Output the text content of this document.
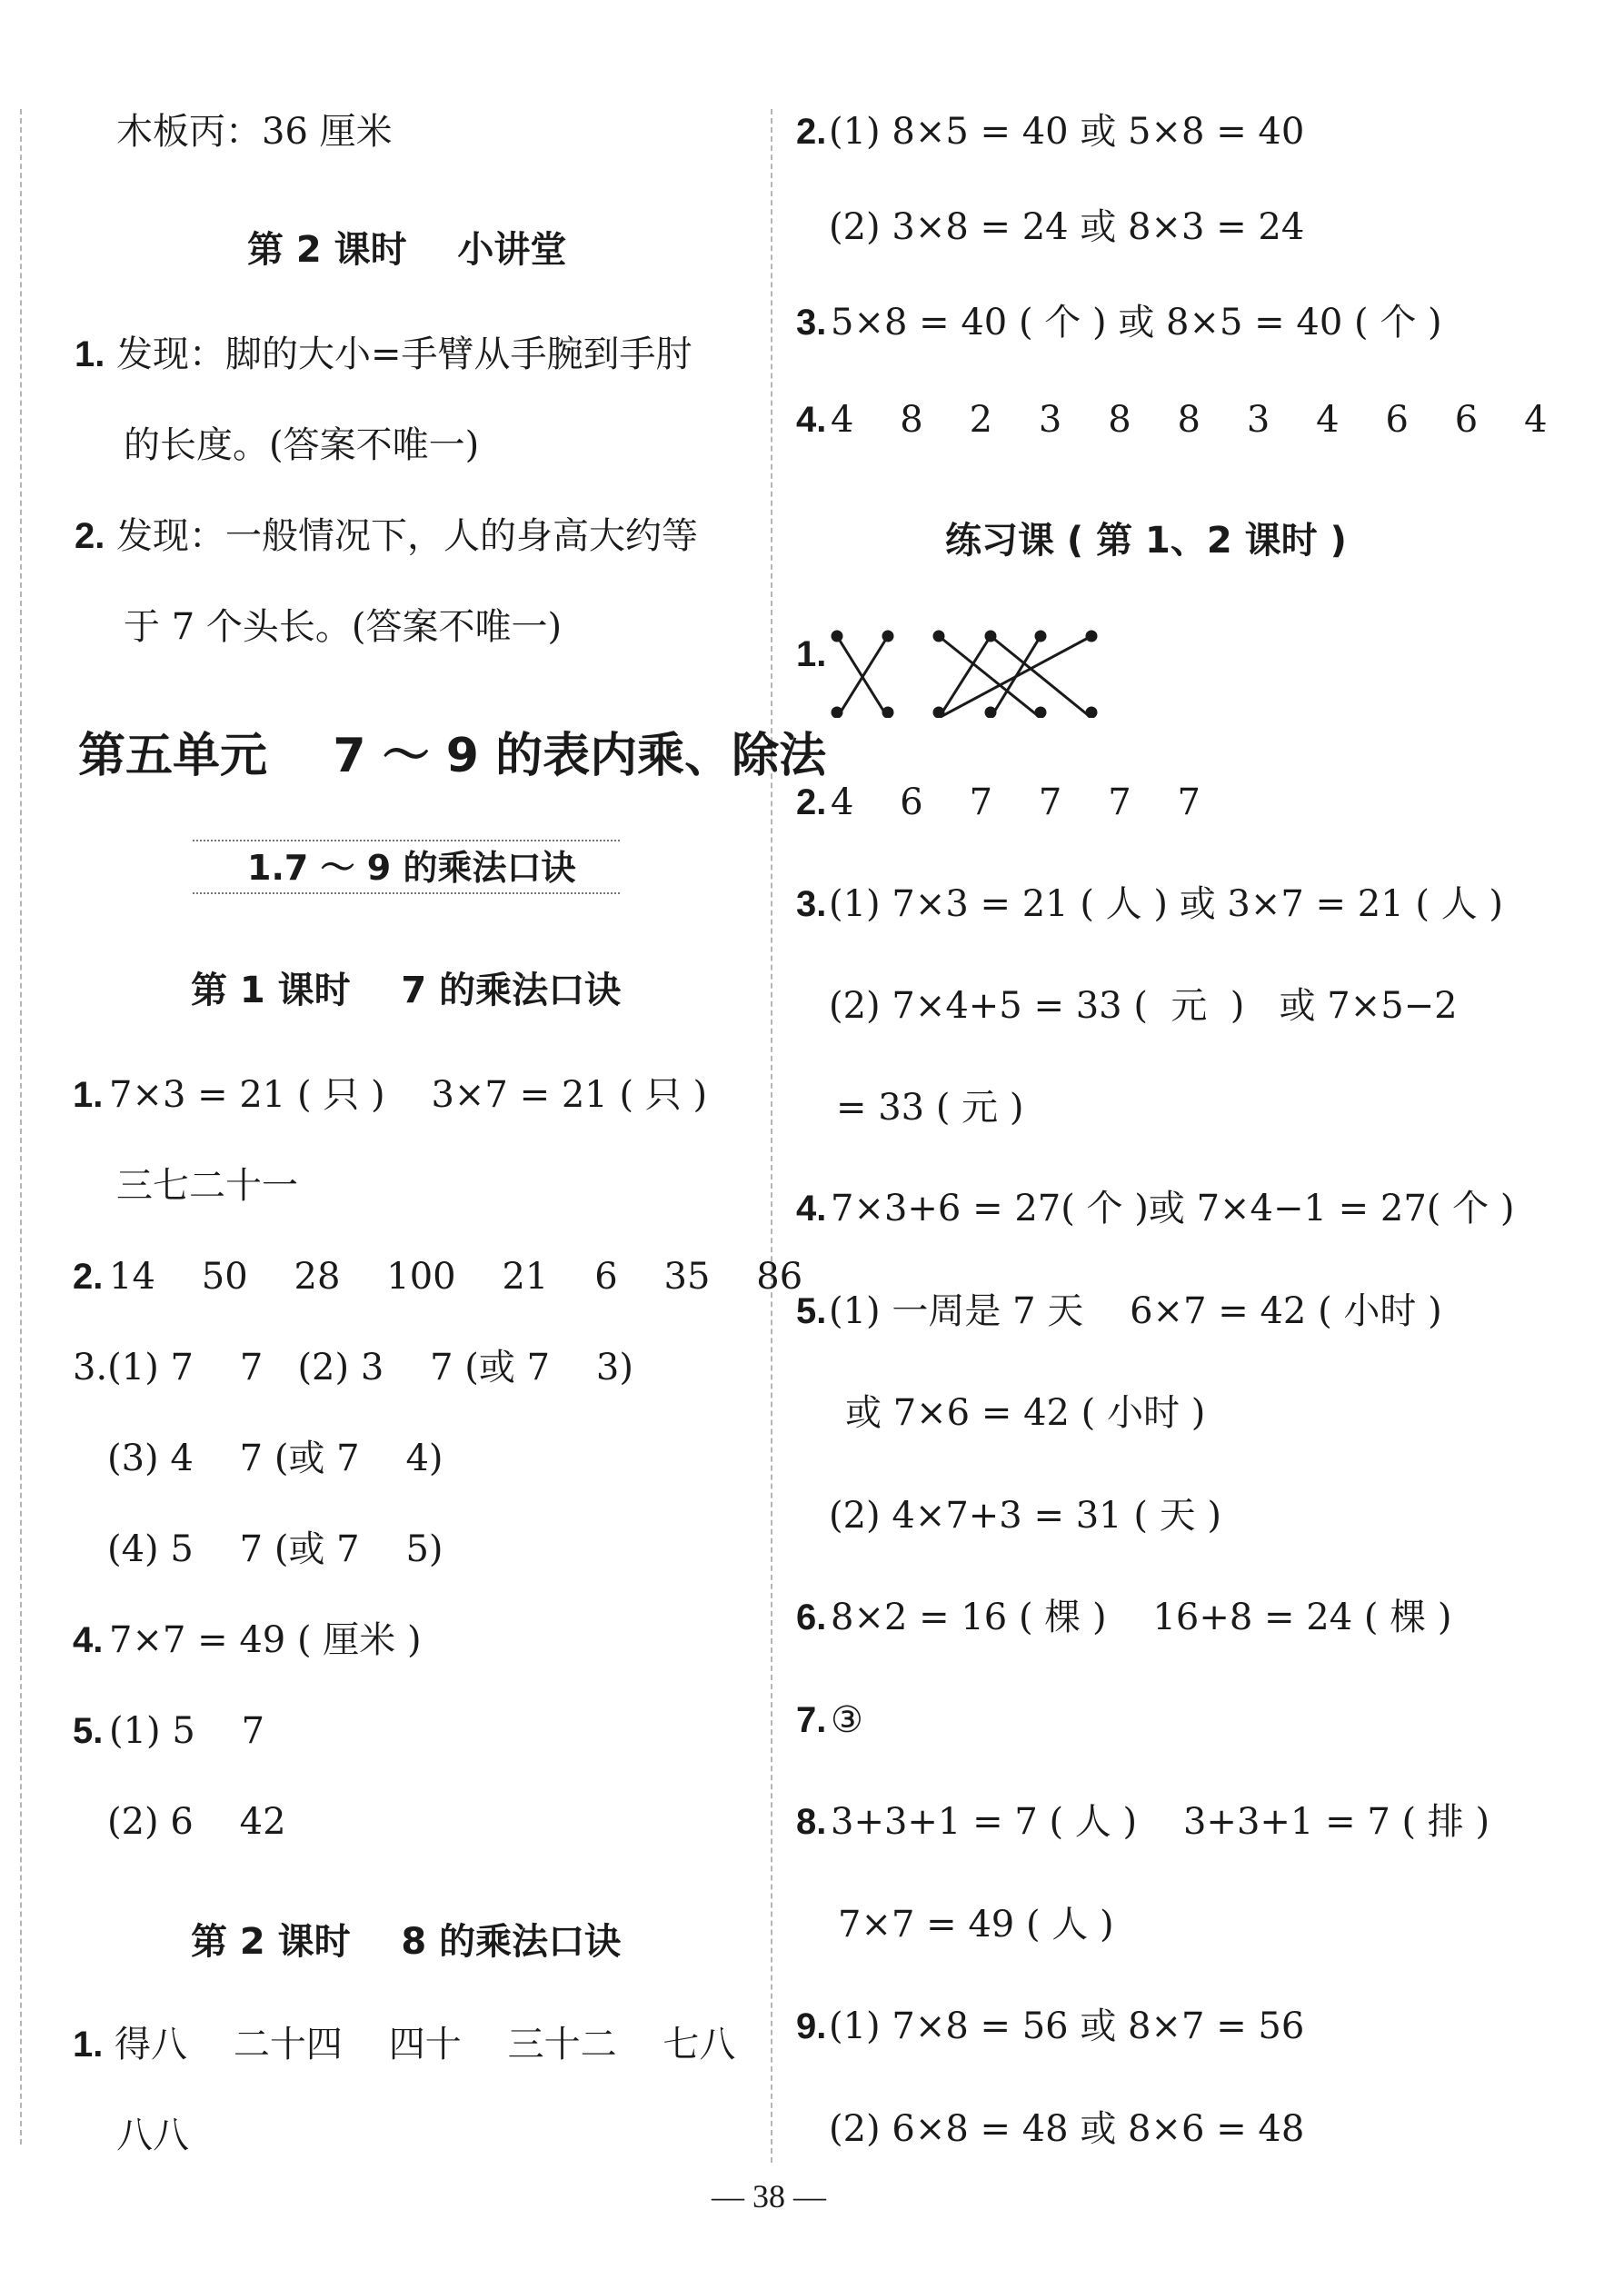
木板丙：36 厘米
第 2 课时    小讲堂
1. 发现：脚的大小=手臂从手腕到手肘
的长度。(答案不唯一)
2. 发现：一般情况下，人的身高大约等
于 7 个头长。(答案不唯一)
第五单元    7 ～ 9 的表内乘、除法
1.7 ～ 9 的乘法口诀
第 1 课时    7 的乘法口诀
1. 7×3 = 21 ( 只 )    3×7 = 21 ( 只 )
三七二十一
2. 14    50    28    100    21    6    35    86
3.(1) 7    7   (2) 3    7 (或 7    3)
(3) 4    7 (或 7    4)
(4) 5    7 (或 7    5)
4. 7×7 = 49 ( 厘米 )
5. (1) 5    7
(2) 6    42
第 2 课时    8 的乘法口诀
1. 得八    二十四    四十    三十二    七八
八八
2. (1) 8×5 = 40 或 5×8 = 40
(2) 3×8 = 24 或 8×3 = 24
3. 5×8 = 40 ( 个 ) 或 8×5 = 40 ( 个 )
4. 4    8    2    3    8    8    3    4    6    6    4
练习课 ( 第 1、2 课时 )
1.
2. 4    6    7    7    7    7
3. (1) 7×3 = 21 ( 人 ) 或 3×7 = 21 ( 人 )
(2) 7×4+5 = 33 (  元  )   或 7×5−2
= 33 ( 元 )
4. 7×3+6 = 27( 个 )或 7×4−1 = 27( 个 )
5. (1) 一周是 7 天    6×7 = 42 ( 小时 )
或 7×6 = 42 ( 小时 )
(2) 4×7+3 = 31 ( 天 )
6. 8×2 = 16 ( 棵 )    16+8 = 24 ( 棵 )
7. ③
8. 3+3+1 = 7 ( 人 )    3+3+1 = 7 ( 排 )
7×7 = 49 ( 人 )
9. (1) 7×8 = 56 或 8×7 = 56
(2) 6×8 = 48 或 8×6 = 48
— 38 —
